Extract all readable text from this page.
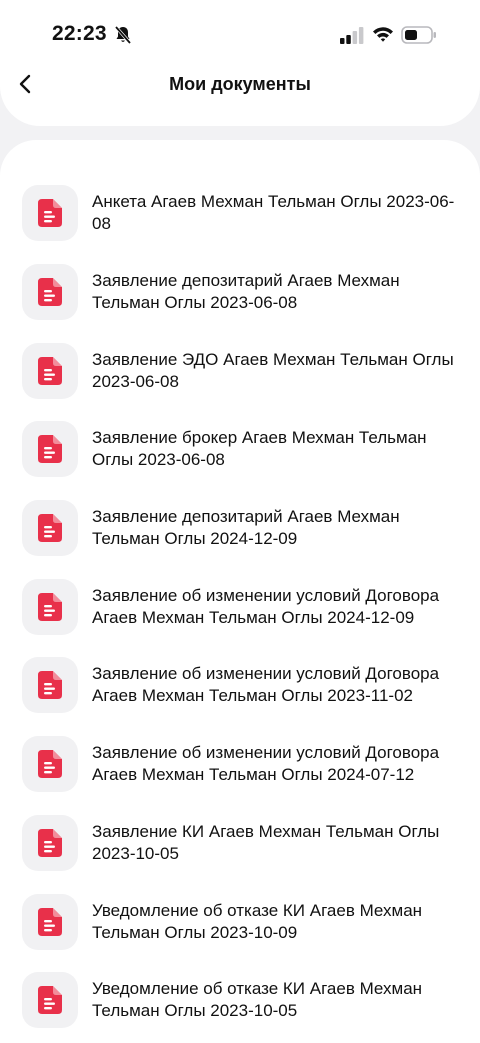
22:23
Мои документы
Анкета Агаев Мехман Тельман Оглы 2023-06-08
Заявление депозитарий Агаев Мехман Тельман Оглы 2023-06-08
Заявление ЭДО Агаев Мехман Тельман Оглы 2023-06-08
Заявление брокер Агаев Мехман Тельман Оглы 2023-06-08
Заявление депозитарий Агаев Мехман Тельман Оглы 2024-12-09
Заявление об изменении условий Договора Агаев Мехман Тельман Оглы 2024-12-09
Заявление об изменении условий Договора Агаев Мехман Тельман Оглы 2023-11-02
Заявление об изменении условий Договора Агаев Мехман Тельман Оглы 2024-07-12
Заявление КИ Агаев Мехман Тельман Оглы 2023-10-05
Уведомление об отказе КИ Агаев Мехман Тельман Оглы 2023-10-09
Уведомление об отказе КИ Агаев Мехман Тельман Оглы 2023-10-05
